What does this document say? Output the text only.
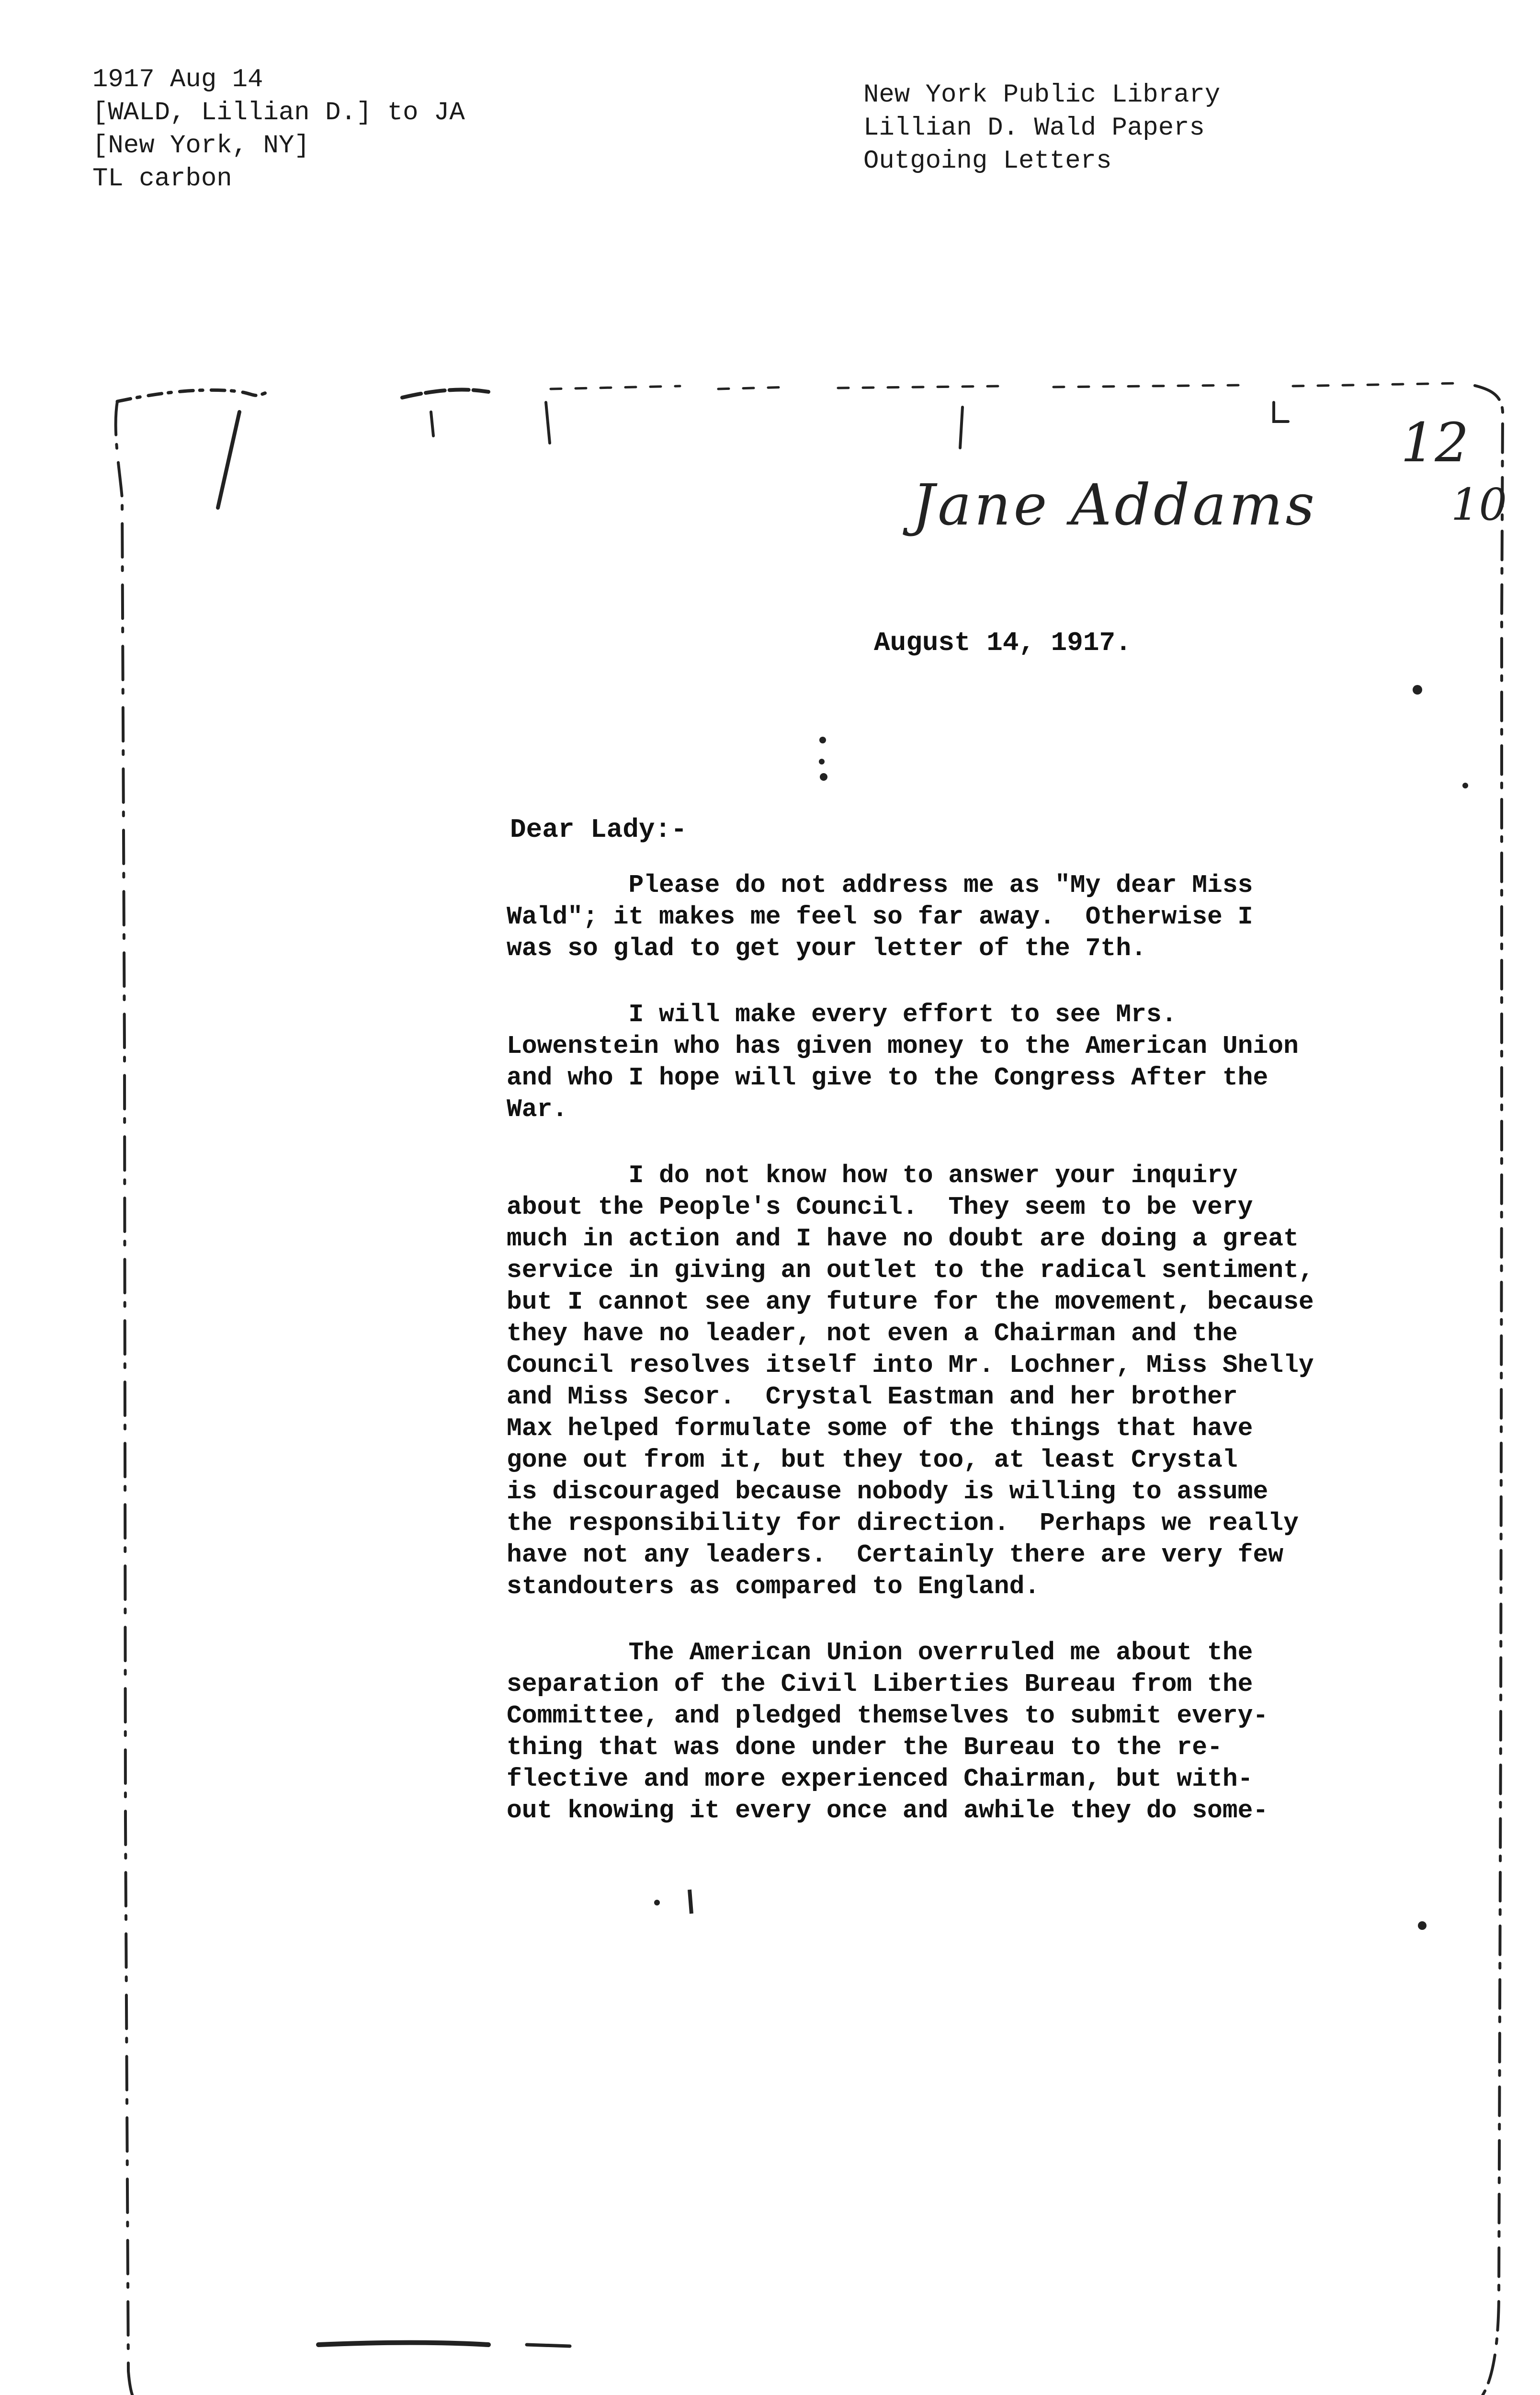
1917 Aug 14
[WALD, Lillian D.] to JA
[New York, NY]
TL carbon
New York Public Library
Lillian D. Wald Papers
Outgoing Letters
12
Jane Addams	10
August 14, 1917.
Dear Lady:-

Please do not address me as "My dear Miss

Wald"; it makes me feel so far away.  Otherwise I

was so glad to get your letter of the 7th.

I will make every effort to see Mrs.

Lowenstein who has given money to the American Union

and who I hope will give to the Congress After the

War.

I do not know how to answer your inquiry

about the People's Council.  They seem to be very

much in action and I have no doubt are doing a great

service in giving an outlet to the radical sentiment,

but I cannot see any future for the movement, because

they have no leader, not even a Chairman and the

Council resolves itself into Mr. Lochner, Miss Shelly

and Miss Secor.  Crystal Eastman and her brother

Max helped formulate some of the things that have

gone out from it, but they too, at least Crystal

is discouraged because nobody is willing to assume

the responsibility for direction.  Perhaps we really

have not any leaders.  Certainly there are very few

standouters as compared to England.

The American Union overruled me about the

separation of the Civil Liberties Bureau from the

Committee, and pledged themselves to submit every-

thing that was done under the Bureau to the re-

flective and more experienced Chairman, but with-

out knowing it every once and awhile they do some-
